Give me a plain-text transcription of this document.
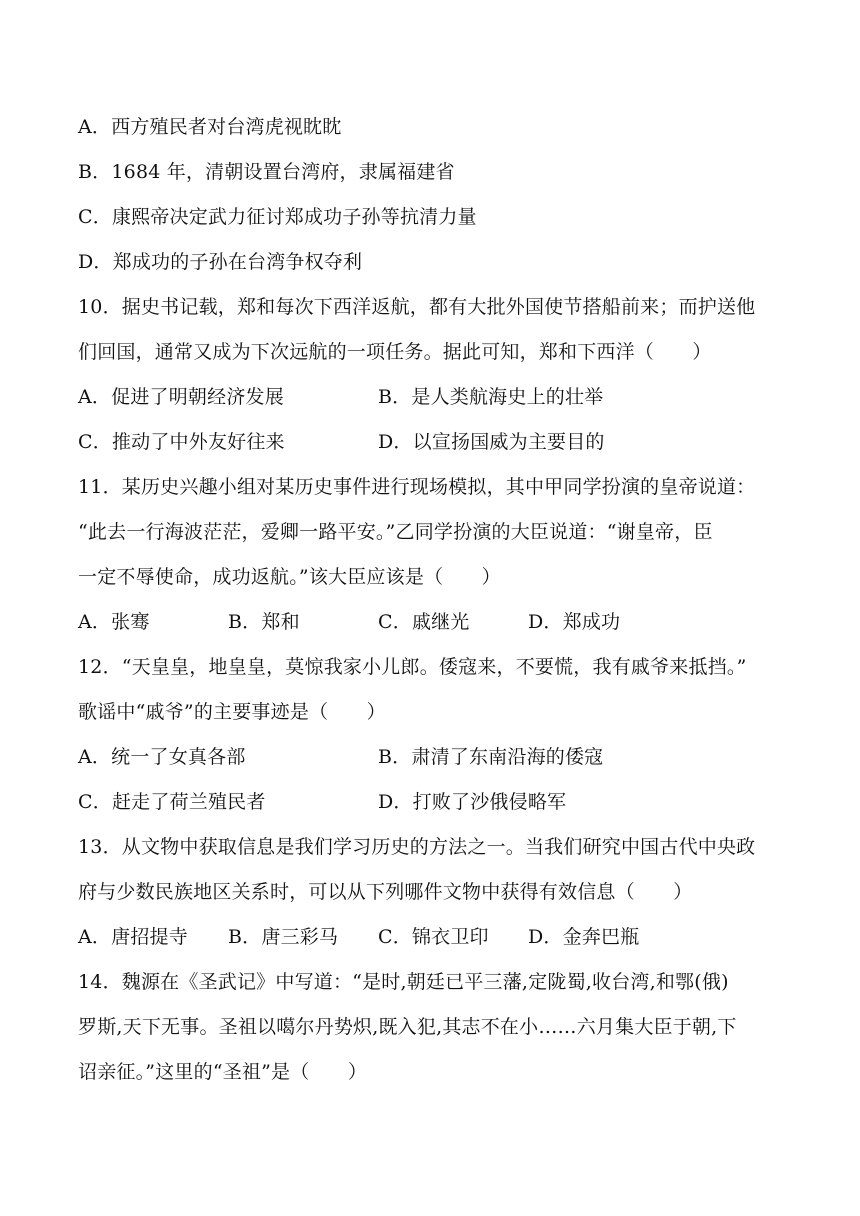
A．西方殖民者对台湾虎视眈眈
B．1684 年，清朝设置台湾府，隶属福建省
C．康熙帝决定武力征讨郑成功子孙等抗清力量
D．郑成功的子孙在台湾争权夺利
10．据史书记载，郑和每次下西洋返航，都有大批外国使节搭船前来；而护送他
们回国，通常又成为下次远航的一项任务。据此可知，郑和下西洋（　　）
A．促进了明朝经济发展	B．是人类航海史上的壮举
C．推动了中外友好往来	D．以宣扬国威为主要目的
11．某历史兴趣小组对某历史事件进行现场模拟，其中甲同学扮演的皇帝说道：
“此去一行海波茫茫，爱卿一路平安。”乙同学扮演的大臣说道：“谢皇帝，臣
一定不辱使命，成功返航。”该大臣应该是（　　）
A．张骞	B．郑和	C．戚继光	D．郑成功
12．“天皇皇，地皇皇，莫惊我家小儿郎。倭寇来，不要慌，我有戚爷来抵挡。”
歌谣中“戚爷”的主要事迹是（　　）
A．统一了女真各部	B．肃清了东南沿海的倭寇
C．赶走了荷兰殖民者	D．打败了沙俄侵略军
13．从文物中获取信息是我们学习历史的方法之一。当我们研究中国古代中央政
府与少数民族地区关系时，可以从下列哪件文物中获得有效信息（　　）
A．唐招提寺 B．唐三彩马 C．锦衣卫印 D．金奔巴瓶
14．魏源在《圣武记》中写道：“是时,朝廷已平三藩,定陇蜀,收台湾,和鄂(俄)
罗斯,天下无事。圣祖以噶尔丹势炽,既入犯,其志不在小……六月集大臣于朝,下
诏亲征。”这里的“圣祖”是（　　）
